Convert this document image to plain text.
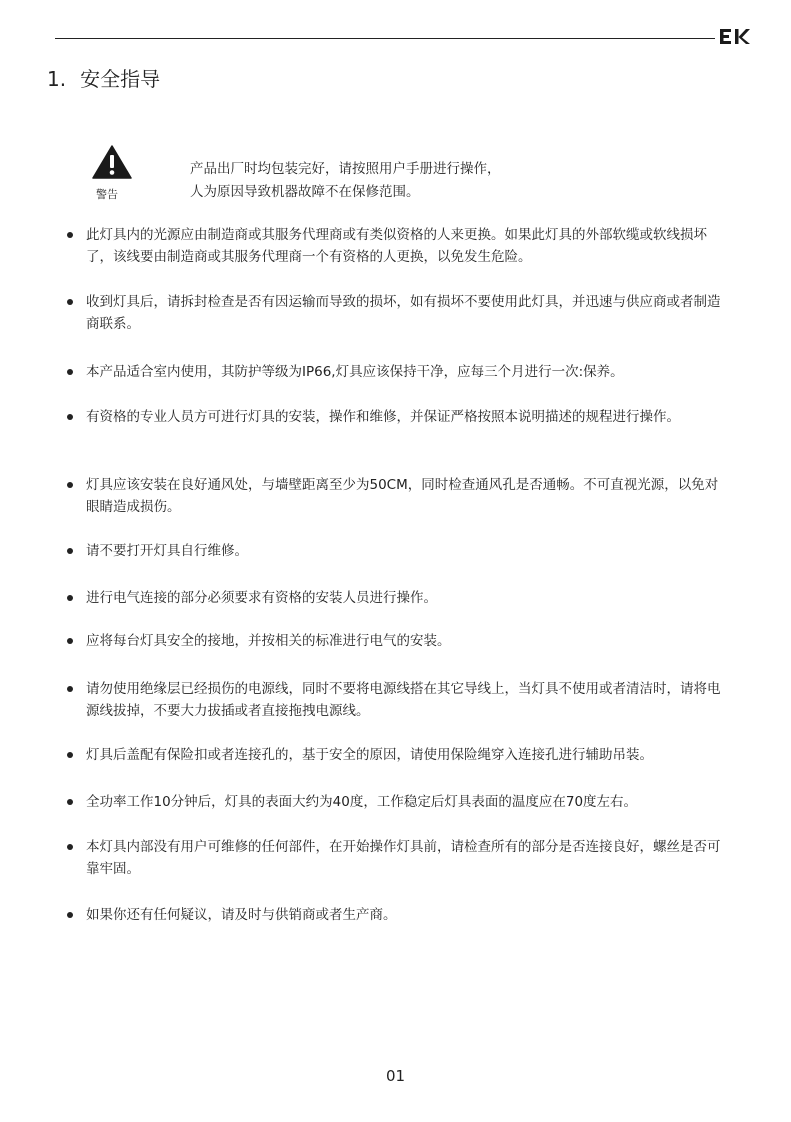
1. 安全指导
警告
产品出厂时均包装完好，请按照用户手册进行操作，
人为原因导致机器故障不在保修范围。
此灯具内的光源应由制造商或其服务代理商或有类似资格的人来更换。如果此灯具的外部软缆或软线损坏了，该线要由制造商或其服务代理商一个有资格的人更换，以免发生危险。
收到灯具后，请拆封检查是否有因运输而导致的损坏，如有损坏不要使用此灯具，并迅速与供应商或者制造商联系。
本产品适合室内使用，其防护等级为IP66,灯具应该保持干净，应每三个月进行一次:保养。
有资格的专业人员方可进行灯具的安装，操作和维修，并保证严格按照本说明描述的规程进行操作。
灯具应该安装在良好通风处，与墙壁距离至少为50CM，同时检查通风孔是否通畅。不可直视光源，以免对眼睛造成损伤。
请不要打开灯具自行维修。
进行电气连接的部分必须要求有资格的安装人员进行操作。
应将每台灯具安全的接地，并按相关的标准进行电气的安装。
请勿使用绝缘层已经损伤的电源线，同时不要将电源线搭在其它导线上，当灯具不使用或者清洁时，请将电源线拔掉，不要大力拔插或者直接拖拽电源线。
灯具后盖配有保险扣或者连接孔的，基于安全的原因，请使用保险绳穿入连接孔进行辅助吊装。
全功率工作10分钟后，灯具的表面大约为40度，工作稳定后灯具表面的温度应在70度左右。
本灯具内部没有用户可维修的任何部件，在开始操作灯具前，请检查所有的部分是否连接良好，螺丝是否可靠牢固。
如果你还有任何疑议，请及时与供销商或者生产商。
01
